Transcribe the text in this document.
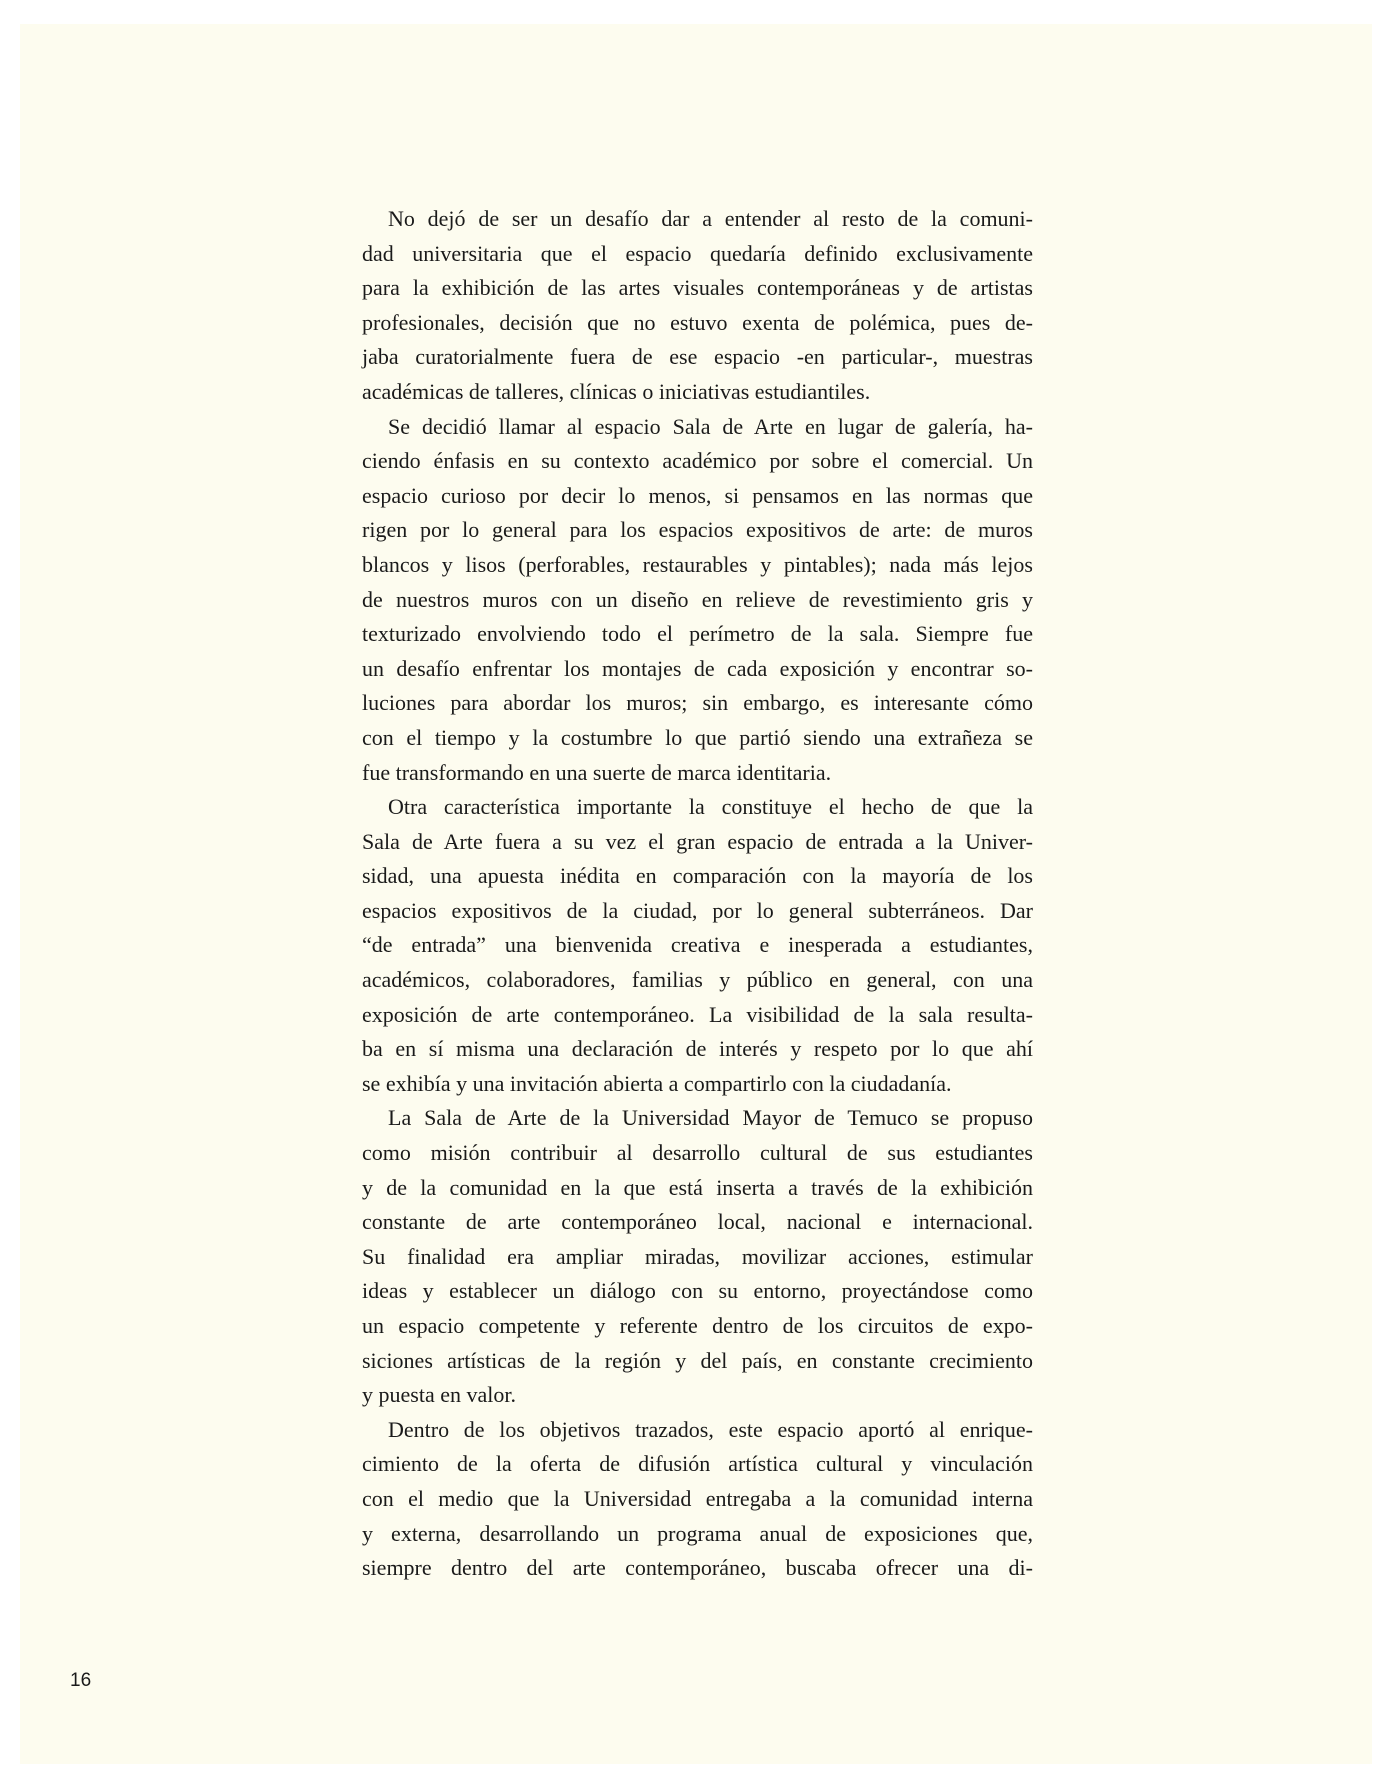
No dejó de ser un desafío dar a entender al resto de la comuni-
dad universitaria que el espacio quedaría definido exclusivamente
para la exhibición de las artes visuales contemporáneas y de artistas
profesionales, decisión que no estuvo exenta de polémica, pues de-
jaba curatorialmente fuera de ese espacio -en particular-, muestras
académicas de talleres, clínicas o iniciativas estudiantiles.

Se decidió llamar al espacio Sala de Arte en lugar de galería, ha-
ciendo énfasis en su contexto académico por sobre el comercial. Un
espacio curioso por decir lo menos, si pensamos en las normas que
rigen por lo general para los espacios expositivos de arte: de muros
blancos y lisos (perforables, restaurables y pintables); nada más lejos
de nuestros muros con un diseño en relieve de revestimiento gris y
texturizado envolviendo todo el perímetro de la sala. Siempre fue
un desafío enfrentar los montajes de cada exposición y encontrar so-
luciones para abordar los muros; sin embargo, es interesante cómo
con el tiempo y la costumbre lo que partió siendo una extrañeza se
fue transformando en una suerte de marca identitaria.

Otra característica importante la constituye el hecho de que la
Sala de Arte fuera a su vez el gran espacio de entrada a la Univer-
sidad, una apuesta inédita en comparación con la mayoría de los
espacios expositivos de la ciudad, por lo general subterráneos. Dar
“de entrada” una bienvenida creativa e inesperada a estudiantes,
académicos, colaboradores, familias y público en general, con una
exposición de arte contemporáneo. La visibilidad de la sala resulta-
ba en sí misma una declaración de interés y respeto por lo que ahí
se exhibía y una invitación abierta a compartirlo con la ciudadanía.

La Sala de Arte de la Universidad Mayor de Temuco se propuso
como misión contribuir al desarrollo cultural de sus estudiantes
y de la comunidad en la que está inserta a través de la exhibición
constante de arte contemporáneo local, nacional e internacional.
Su finalidad era ampliar miradas, movilizar acciones, estimular
ideas y establecer un diálogo con su entorno, proyectándose como
un espacio competente y referente dentro de los circuitos de expo-
siciones artísticas de la región y del país, en constante crecimiento
y puesta en valor.

Dentro de los objetivos trazados, este espacio aportó al enrique-
cimiento de la oferta de difusión artística cultural y vinculación
con el medio que la Universidad entregaba a la comunidad interna
y externa, desarrollando un programa anual de exposiciones que,
siempre dentro del arte contemporáneo, buscaba ofrecer una di-

16
